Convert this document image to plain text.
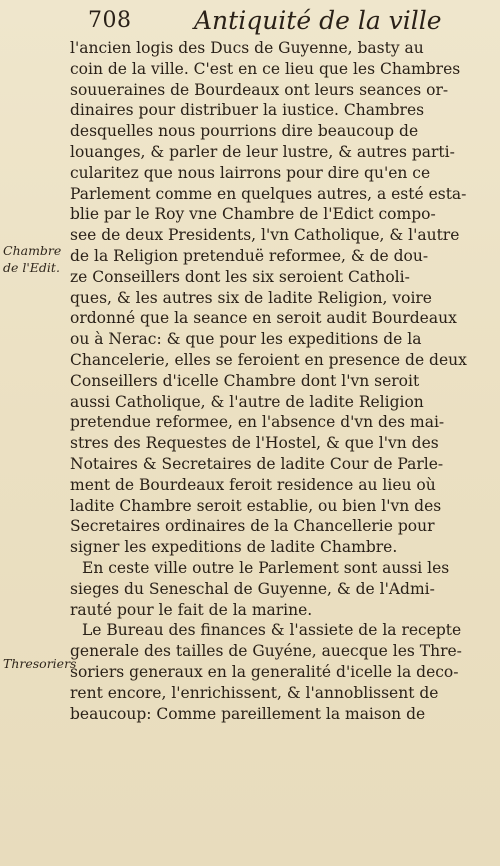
708	Antiquité de la ville
Chambre
de l'Edit.
Thresoriers
l'ancien logis des Ducs de Guyenne, basty au
coin de la ville. C'est en ce lieu que les Chambres
souueraines de Bourdeaux ont leurs seances or-
dinaires pour distribuer la iustice. Chambres
desquelles nous pourrions dire beaucoup de
louanges, & parler de leur lustre, & autres parti-
cularitez que nous lairrons pour dire qu'en ce
Parlement comme en quelques autres, a esté esta-
blie par le Roy vne Chambre de l'Edict compo-
see de deux Presidents, l'vn Catholique, & l'autre
de la Religion pretenduë reformee, & de dou-
ze Conseillers dont les six seroient Catholi-
ques, & les autres six de ladite Religion, voire
ordonné que la seance en seroit audit Bourdeaux
ou à Nerac: & que pour les expeditions de la
Chancelerie, elles se feroient en presence de deux
Conseillers d'icelle Chambre dont l'vn seroit
aussi Catholique, & l'autre de ladite Religion
pretendue reformee, en l'absence d'vn des mai-
stres des Requestes de l'Hostel, & que l'vn des
Notaires & Secretaires de ladite Cour de Parle-
ment de Bourdeaux feroit residence au lieu où
ladite Chambre seroit establie, ou bien l'vn des
Secretaires ordinaires de la Chancellerie pour
signer les expeditions de ladite Chambre.
En ceste ville outre le Parlement sont aussi les
sieges du Seneschal de Guyenne, & de l'Admi-
rauté pour le fait de la marine.
Le Bureau des finances & l'assiete de la recepte
generale des tailles de Guyéne, auecque les Thre-
soriers generaux en la generalité d'icelle la deco-
rent encore, l'enrichissent, & l'annoblissent de
beaucoup: Comme pareillement la maison de
